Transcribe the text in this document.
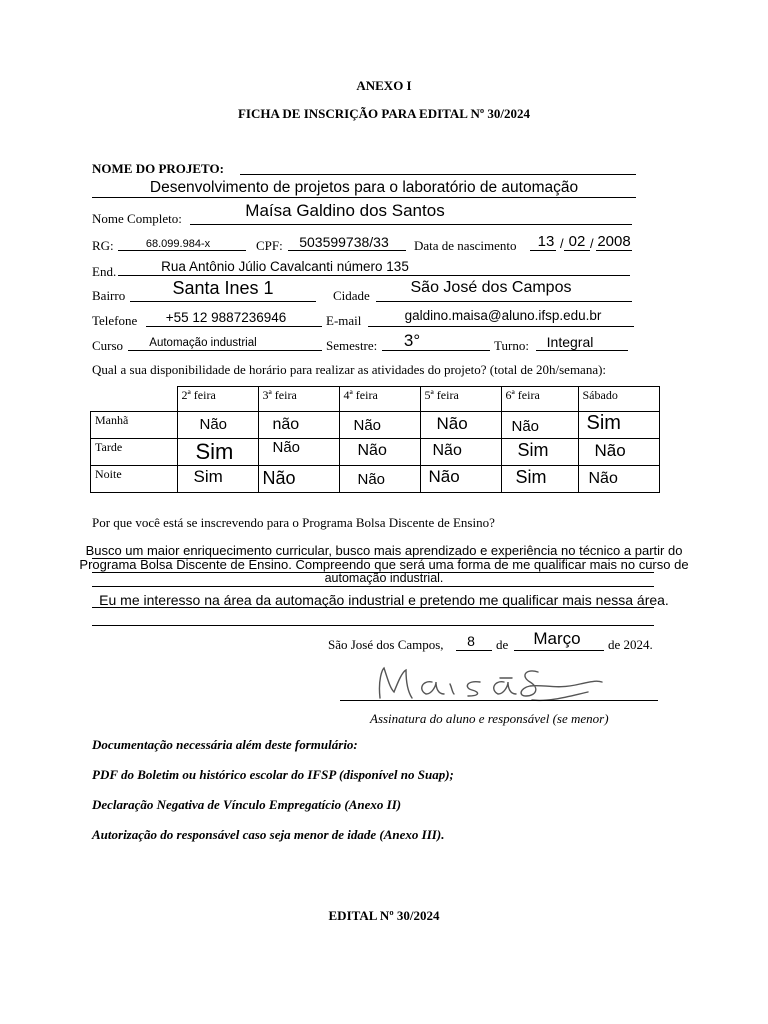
ANEXO I
FICHA DE INSCRIÇÃO PARA EDITAL Nº 30/2024
NOME DO PROJETO:
Desenvolvimento de projetos para o laboratório de automação
Nome Completo:	Maísa Galdino dos Santos
RG:	68.099.984-x	CPF:	503599738/33	Data de nascimento	13 / 02 / 2008
End.	Rua Antônio Júlio Cavalcanti número 135
Bairro	Santa Ines 1	Cidade	São José dos Campos
Telefone	+55 12 9887236946	E-mail	galdino.maisa@aluno.ifsp.edu.br
Curso	Automação industrial	Semestre:	3°	Turno:	Integral
Qual a sua disponibilidade de horário para realizar as atividades do projeto? (total de 20h/semana):
	2ª feira	3ª feira	4ª feira	5ª feira	6ª feira	Sábado
Manhã	Não	não	Não	Não	Não	Sim

Tarde	Sim	Não	Não	Não	Sim	Não

Noite	Sim	Não	Não	Não	Sim	Não
Por que você está se inscrevendo para o Programa Bolsa Discente de Ensino?
Busco um maior enriquecimento curricular, busco mais aprendizado e experiência no técnico a partir do
Programa Bolsa Discente de Ensino. Compreendo que será uma forma de me qualificar mais no curso de
automação industrial.
Eu me interesso na área da automação industrial e pretendo me qualificar mais nessa área.
São José dos Campos,	8	de	Março	de 2024.
Assinatura do aluno e responsável (se menor)
Documentação necessária além deste formulário:
PDF do Boletim ou histórico escolar do IFSP (disponível no Suap);
Declaração Negativa de Vínculo Empregatício (Anexo II)
Autorização do responsável caso seja menor de idade (Anexo III).
EDITAL Nº 30/2024
